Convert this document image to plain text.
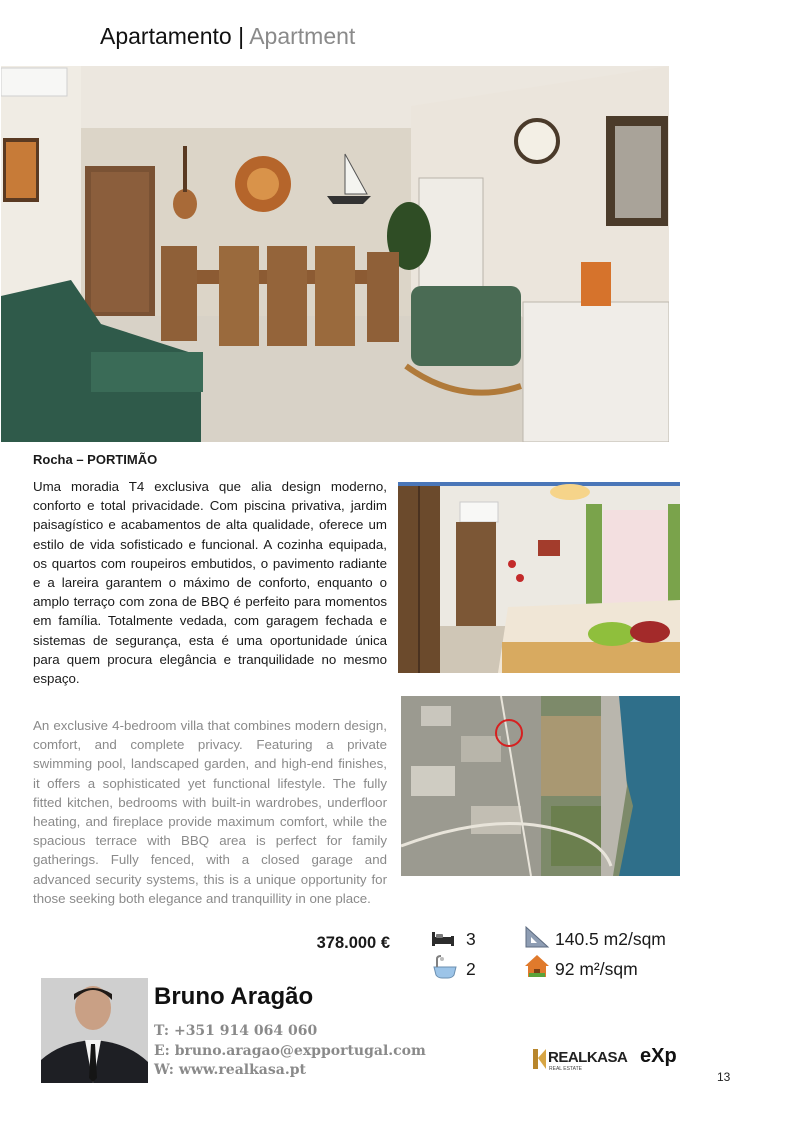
Apartamento | Apartment
Rocha – PORTIMÃO
Uma moradia T4 exclusiva que alia design moderno, conforto e total privacidade. Com piscina privativa, jardim paisagístico e acabamentos de alta qualidade, oferece um estilo de vida sofisticado e funcional. A cozinha equipada, os quartos com roupeiros embutidos, o pavimento radiante e a lareira garantem o máximo de conforto, enquanto o amplo terraço com zona de BBQ é perfeito para momentos em família. Totalmente vedada, com garagem fechada e sistemas de segurança, esta é uma oportunidade única para quem procura elegância e tranquilidade no mesmo espaço.
An exclusive 4-bedroom villa that combines modern design, comfort, and complete privacy. Featuring a private swimming pool, landscaped garden, and high-end finishes, it offers a sophisticated yet functional lifestyle. The fully fitted kitchen, bedrooms with built-in wardrobes, underfloor heating, and fireplace provide maximum comfort, while the spacious terrace with BBQ area is perfect for family gatherings. Fully fenced, with a closed garage and advanced security systems, this is a unique opportunity for those seeking both elegance and tranquillity in one place.
378.000 €	3
2
140.5 m2/sqm
92 m²/sqm
Bruno Aragão
T: +351 914 064 060
E: bruno.aragao@expportugal.com
W: www.realkasa.pt
REALKASA
REAL ESTATE
eXp
13
